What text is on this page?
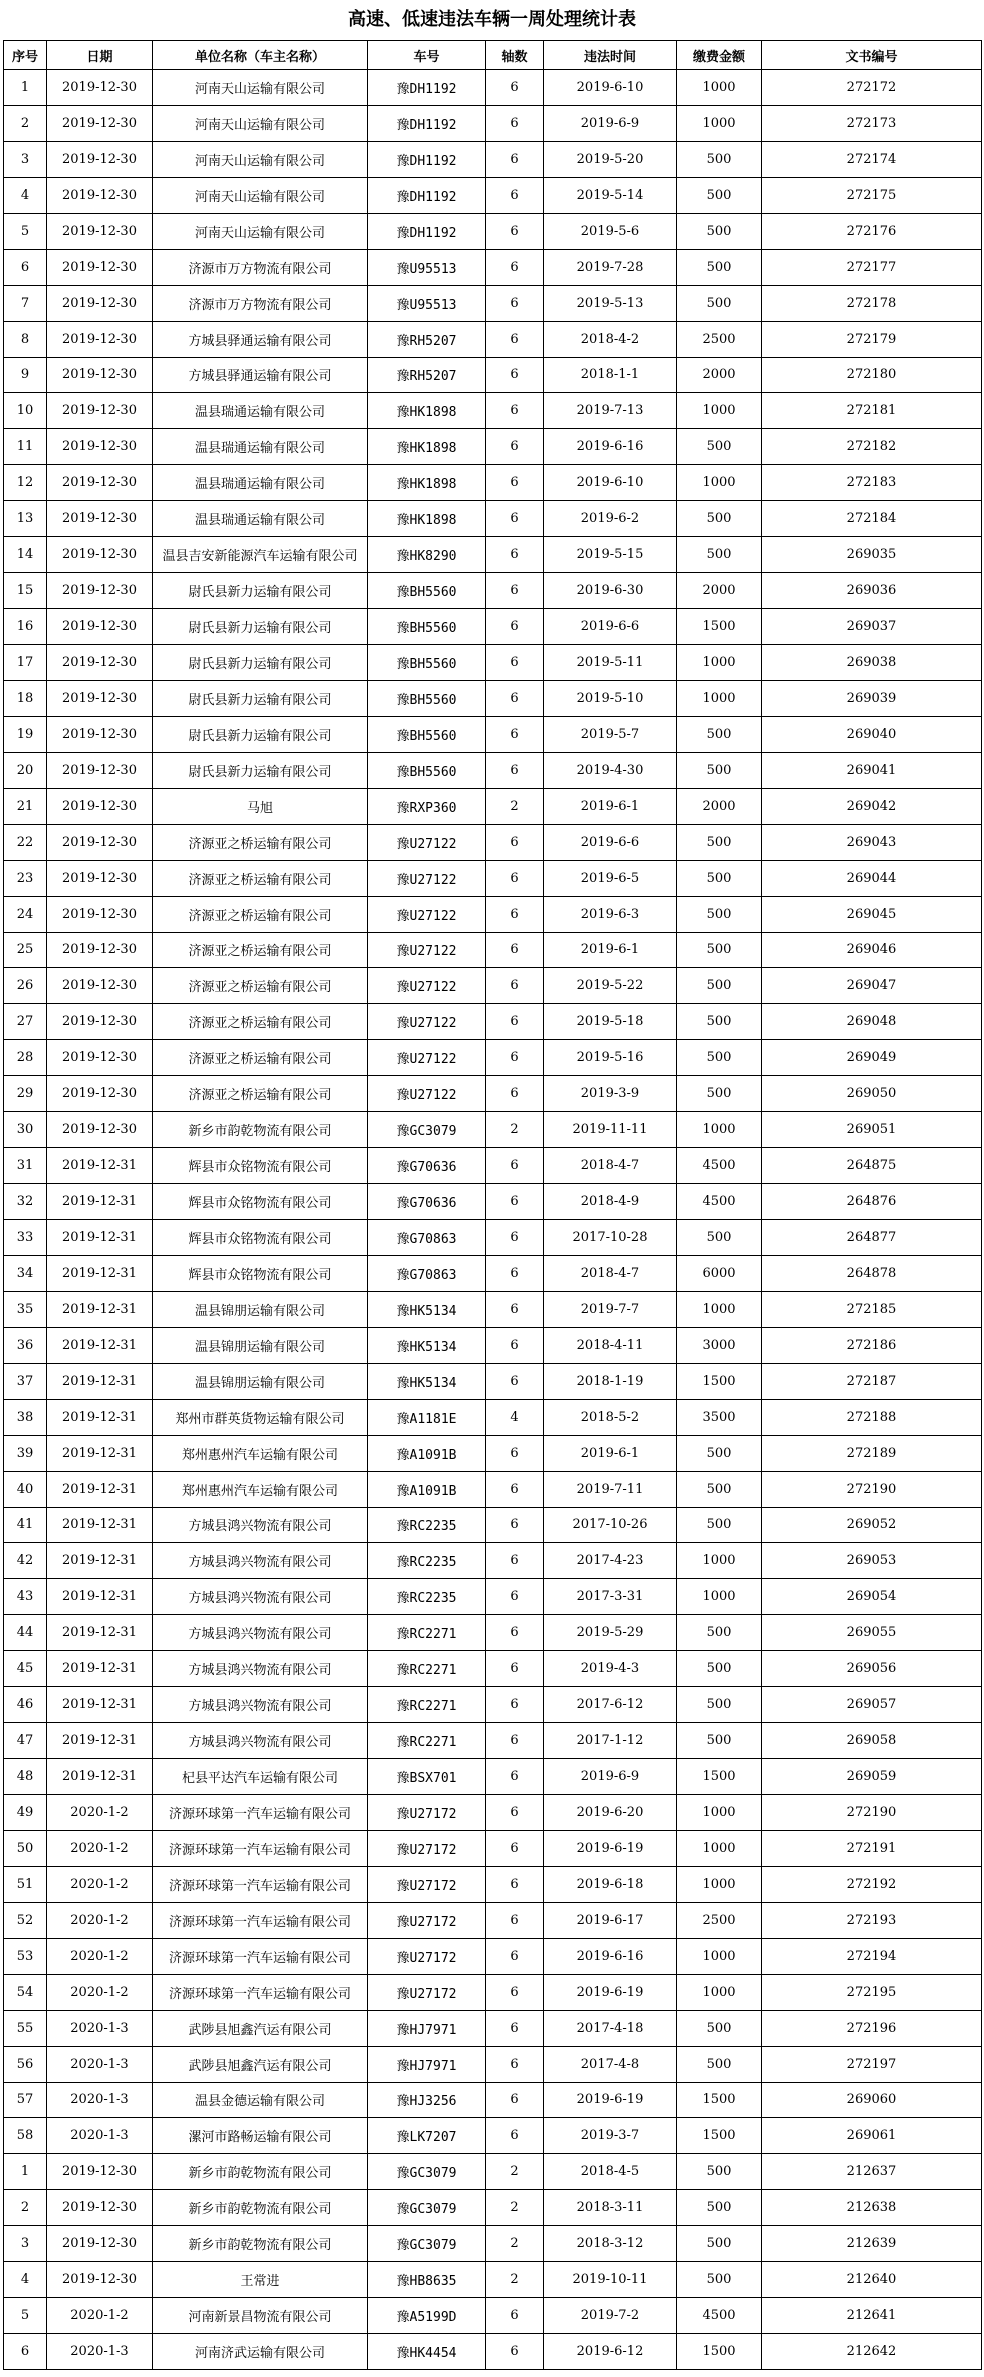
高速、低速违法车辆一周处理统计表
序号	日期	单位名称（车主名称）	车号	轴数	违法时间	缴费金额	文书编号
1	2019-12-30	河南天山运输有限公司	豫DH1192	6	2019-6-10	1000	272172
2	2019-12-30	河南天山运输有限公司	豫DH1192	6	2019-6-9	1000	272173
3	2019-12-30	河南天山运输有限公司	豫DH1192	6	2019-5-20	500	272174
4	2019-12-30	河南天山运输有限公司	豫DH1192	6	2019-5-14	500	272175
5	2019-12-30	河南天山运输有限公司	豫DH1192	6	2019-5-6	500	272176
6	2019-12-30	济源市万方物流有限公司	豫U95513	6	2019-7-28	500	272177
7	2019-12-30	济源市万方物流有限公司	豫U95513	6	2019-5-13	500	272178
8	2019-12-30	方城县驿通运输有限公司	豫RH5207	6	2018-4-2	2500	272179
9	2019-12-30	方城县驿通运输有限公司	豫RH5207	6	2018-1-1	2000	272180
10	2019-12-30	温县瑞通运输有限公司	豫HK1898	6	2019-7-13	1000	272181
11	2019-12-30	温县瑞通运输有限公司	豫HK1898	6	2019-6-16	500	272182
12	2019-12-30	温县瑞通运输有限公司	豫HK1898	6	2019-6-10	1000	272183
13	2019-12-30	温县瑞通运输有限公司	豫HK1898	6	2019-6-2	500	272184
14	2019-12-30	温县吉安新能源汽车运输有限公司	豫HK8290	6	2019-5-15	500	269035
15	2019-12-30	尉氏县新力运输有限公司	豫BH5560	6	2019-6-30	2000	269036
16	2019-12-30	尉氏县新力运输有限公司	豫BH5560	6	2019-6-6	1500	269037
17	2019-12-30	尉氏县新力运输有限公司	豫BH5560	6	2019-5-11	1000	269038
18	2019-12-30	尉氏县新力运输有限公司	豫BH5560	6	2019-5-10	1000	269039
19	2019-12-30	尉氏县新力运输有限公司	豫BH5560	6	2019-5-7	500	269040
20	2019-12-30	尉氏县新力运输有限公司	豫BH5560	6	2019-4-30	500	269041
21	2019-12-30	马旭	豫RXP360	2	2019-6-1	2000	269042
22	2019-12-30	济源亚之桥运输有限公司	豫U27122	6	2019-6-6	500	269043
23	2019-12-30	济源亚之桥运输有限公司	豫U27122	6	2019-6-5	500	269044
24	2019-12-30	济源亚之桥运输有限公司	豫U27122	6	2019-6-3	500	269045
25	2019-12-30	济源亚之桥运输有限公司	豫U27122	6	2019-6-1	500	269046
26	2019-12-30	济源亚之桥运输有限公司	豫U27122	6	2019-5-22	500	269047
27	2019-12-30	济源亚之桥运输有限公司	豫U27122	6	2019-5-18	500	269048
28	2019-12-30	济源亚之桥运输有限公司	豫U27122	6	2019-5-16	500	269049
29	2019-12-30	济源亚之桥运输有限公司	豫U27122	6	2019-3-9	500	269050
30	2019-12-30	新乡市韵乾物流有限公司	豫GC3079	2	2019-11-11	1000	269051
31	2019-12-31	辉县市众铭物流有限公司	豫G70636	6	2018-4-7	4500	264875
32	2019-12-31	辉县市众铭物流有限公司	豫G70636	6	2018-4-9	4500	264876
33	2019-12-31	辉县市众铭物流有限公司	豫G70863	6	2017-10-28	500	264877
34	2019-12-31	辉县市众铭物流有限公司	豫G70863	6	2018-4-7	6000	264878
35	2019-12-31	温县锦朋运输有限公司	豫HK5134	6	2019-7-7	1000	272185
36	2019-12-31	温县锦朋运输有限公司	豫HK5134	6	2018-4-11	3000	272186
37	2019-12-31	温县锦朋运输有限公司	豫HK5134	6	2018-1-19	1500	272187
38	2019-12-31	郑州市群英货物运输有限公司	豫A1181E	4	2018-5-2	3500	272188
39	2019-12-31	郑州惠州汽车运输有限公司	豫A1091B	6	2019-6-1	500	272189
40	2019-12-31	郑州惠州汽车运输有限公司	豫A1091B	6	2019-7-11	500	272190
41	2019-12-31	方城县鸿兴物流有限公司	豫RC2235	6	2017-10-26	500	269052
42	2019-12-31	方城县鸿兴物流有限公司	豫RC2235	6	2017-4-23	1000	269053
43	2019-12-31	方城县鸿兴物流有限公司	豫RC2235	6	2017-3-31	1000	269054
44	2019-12-31	方城县鸿兴物流有限公司	豫RC2271	6	2019-5-29	500	269055
45	2019-12-31	方城县鸿兴物流有限公司	豫RC2271	6	2019-4-3	500	269056
46	2019-12-31	方城县鸿兴物流有限公司	豫RC2271	6	2017-6-12	500	269057
47	2019-12-31	方城县鸿兴物流有限公司	豫RC2271	6	2017-1-12	500	269058
48	2019-12-31	杞县平达汽车运输有限公司	豫BSX701	6	2019-6-9	1500	269059
49	2020-1-2	济源环球第一汽车运输有限公司	豫U27172	6	2019-6-20	1000	272190
50	2020-1-2	济源环球第一汽车运输有限公司	豫U27172	6	2019-6-19	1000	272191
51	2020-1-2	济源环球第一汽车运输有限公司	豫U27172	6	2019-6-18	1000	272192
52	2020-1-2	济源环球第一汽车运输有限公司	豫U27172	6	2019-6-17	2500	272193
53	2020-1-2	济源环球第一汽车运输有限公司	豫U27172	6	2019-6-16	1000	272194
54	2020-1-2	济源环球第一汽车运输有限公司	豫U27172	6	2019-6-19	1000	272195
55	2020-1-3	武陟县旭鑫汽运有限公司	豫HJ7971	6	2017-4-18	500	272196
56	2020-1-3	武陟县旭鑫汽运有限公司	豫HJ7971	6	2017-4-8	500	272197
57	2020-1-3	温县金德运输有限公司	豫HJ3256	6	2019-6-19	1500	269060
58	2020-1-3	漯河市路畅运输有限公司	豫LK7207	6	2019-3-7	1500	269061
1	2019-12-30	新乡市韵乾物流有限公司	豫GC3079	2	2018-4-5	500	212637
2	2019-12-30	新乡市韵乾物流有限公司	豫GC3079	2	2018-3-11	500	212638
3	2019-12-30	新乡市韵乾物流有限公司	豫GC3079	2	2018-3-12	500	212639
4	2019-12-30	王常进	豫HB8635	2	2019-10-11	500	212640
5	2020-1-2	河南新景昌物流有限公司	豫A5199D	6	2019-7-2	4500	212641
6	2020-1-3	河南济武运输有限公司	豫HK4454	6	2019-6-12	1500	212642
